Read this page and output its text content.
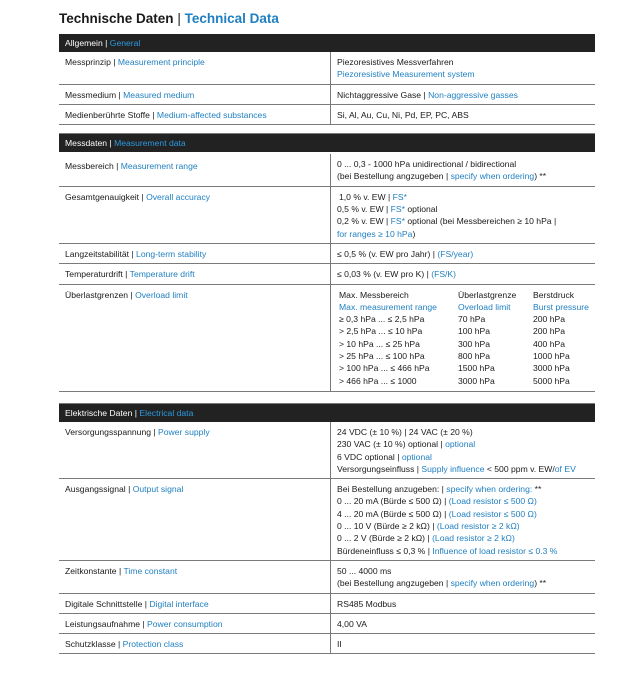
Technische Daten | Technical Data
Allgemein | General
Messprinzip | Measurement principle	Piezoresistives Messverfahren
Piezoresistive Measurement system
Messmedium | Measured medium	Nichtaggressive Gase | Non-aggressive gasses
Medienberührte Stoffe | Medium-affected substances	Si, Al, Au, Cu, Ni, Pd, EP, PC, ABS
Messdaten | Measurement data
Messbereich | Measurement range	0 ... 0,3 - 1000 hPa unidirectional / bidirectional
(bei Bestellung angzugeben | specify when ordering) **
Gesamtgenauigkeit | Overall accuracy	1,0 % v. EW | FS*
0,5 % v. EW | FS* optional
0,2 % v. EW | FS* optional (bei Messbereichen ≥ 10 hPa |
for ranges ≥ 10 hPa)
Langzeitstabilität | Long-term stability	≤ 0,5 % (v. EW pro Jahr) | (FS/year)
Temperaturdrift | Temperature drift	≤ 0,03 % (v. EW pro K) | (FS/K)
Überlastgrenzen | Overload limit	Max. Messbereich	Überlastgrenze	Berstdruck
Max. measurement range	Overload limit	Burst pressure
≥ 0,3 hPa ... ≤ 2,5 hPa	70 hPa	200 hPa
> 2,5 hPa ... ≤ 10 hPa	100 hPa	200 hPa
> 10 hPa ... ≤ 25 hPa	300 hPa	400 hPa
> 25 hPa ... ≤ 100 hPa	800 hPa	1000 hPa
> 100 hPa ... ≤ 466 hPa	1500 hPa	3000 hPa
> 466 hPa ... ≤ 1000	3000 hPa	5000 hPa
Elektrische Daten | Electrical data
Versorgungsspannung | Power supply	24 VDC (± 10 %) | 24 VAC (± 20 %)
230 VAC (± 10 %) optional | optional
6 VDC optional | optional
Versorgungseinfluss | Supply influence < 500 ppm v. EW/of EV
Ausgangssignal | Output signal	Bei Bestellung anzugeben: | specify when ordering: **
0 ... 20 mA (Bürde ≤ 500 Ω) | (Load resistor ≤ 500 Ω)
4 ... 20 mA (Bürde ≤ 500 Ω) | (Load resistor ≤ 500 Ω)
0 ... 10 V (Bürde ≥ 2 kΩ) | (Load resistor ≥ 2 kΩ)
0 ... 2 V (Bürde ≥ 2 kΩ) | (Load resistor ≥ 2 kΩ)
Bürdeneinfluss ≤ 0,3 % | Influence of load resistor ≤ 0.3 %
Zeitkonstante | Time constant	50 ... 4000 ms
(bei Bestellung angzugeben | specify when ordering) **
Digitale Schnittstelle | Digital interface	RS485 Modbus
Leistungsaufnahme | Power consumption	4,00 VA
Schutzklasse | Protection class	II
